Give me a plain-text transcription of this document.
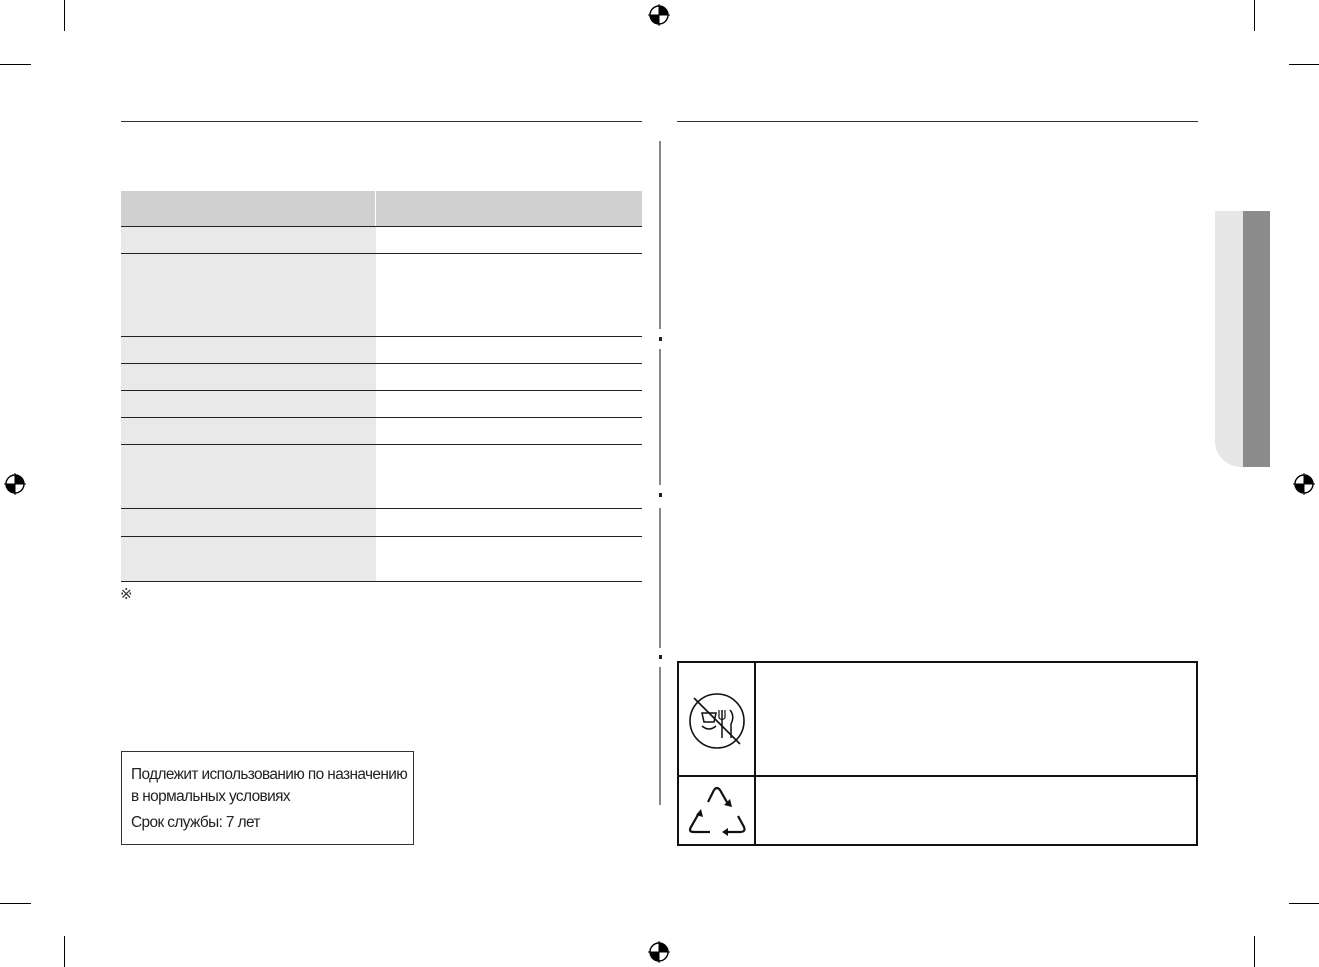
※
Подлежит использованию по назначению
в нормальных условиях
Срок службы: 7 лет
